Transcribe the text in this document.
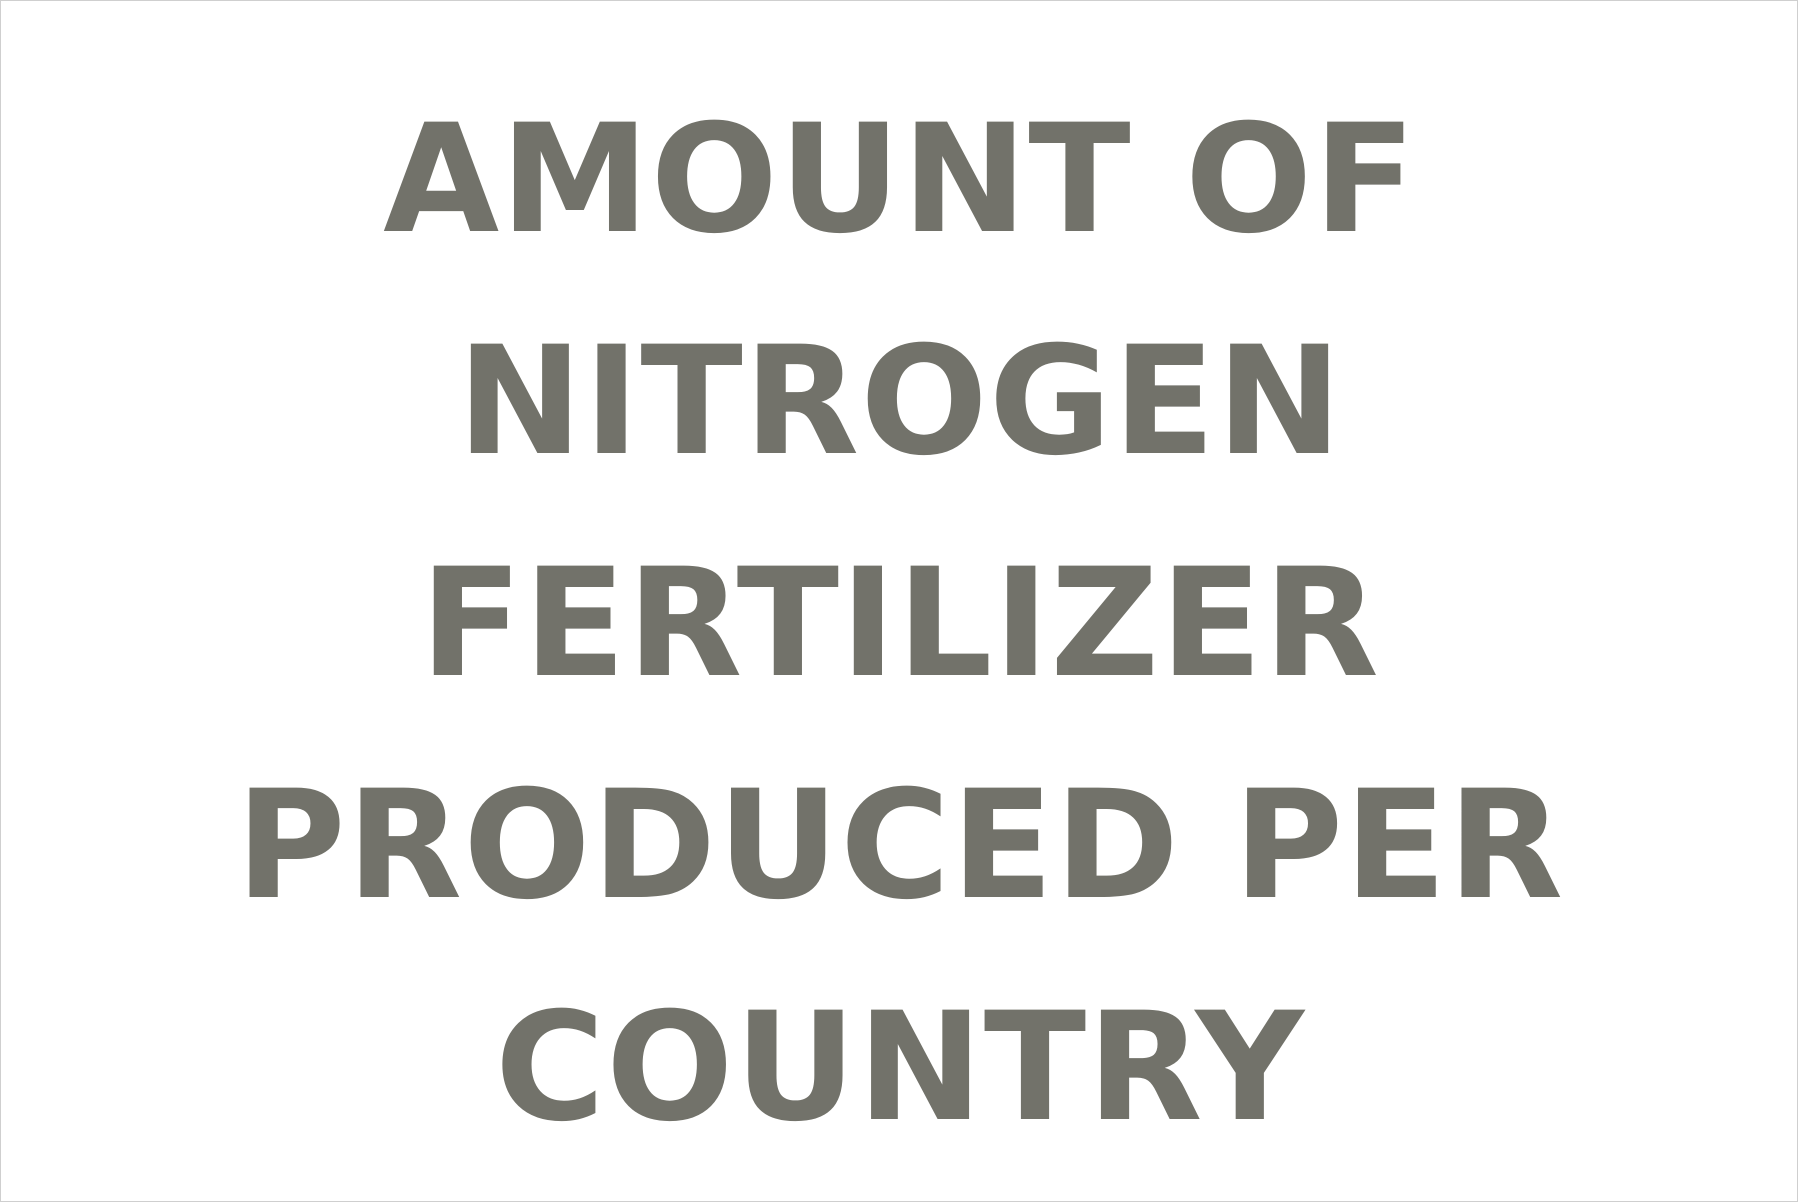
AMOUNT OF
NITROGEN
FERTILIZER
PRODUCED PER
COUNTRY
